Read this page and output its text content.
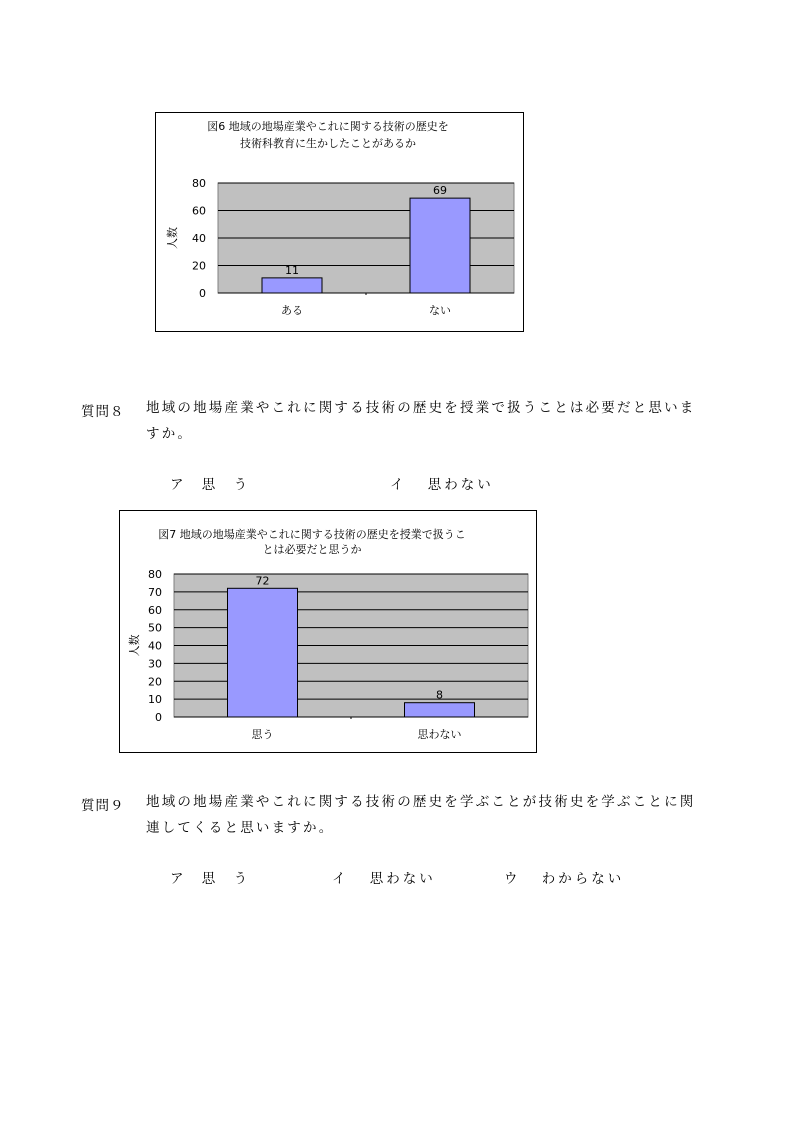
図6 地域の地場産業やこれに関する技術の歴史を
技術科教育に生かしたことがあるか
0
20
40
60
80
人数
11
ある
69
ない
質問８ 地域の地場産業やこれに関する技術の歴史を授業で扱うことは必要だと思いま
すか。
ア 思 う	イ 思わない
図7 地域の地場産業やこれに関する技術の歴史を授業で扱うこ
とは必要だと思うか
0
10
20
30
40
50
60
70
80
人数
72
思う
8
思わない
質問９ 地域の地場産業やこれに関する技術の歴史を学ぶことが技術史を学ぶことに関
連してくると思いますか。
ア 思 う	イ 思わない	ウ わからない
